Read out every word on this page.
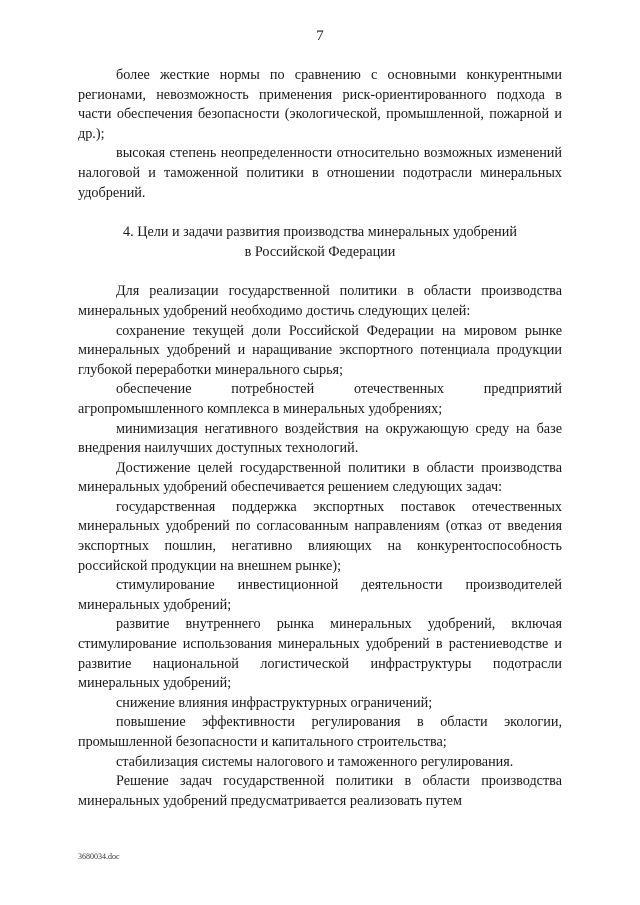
7

более жесткие нормы по сравнению с основными конкурентными регионами, невозможность применения риск-ориентированного подхода в части обеспечения безопасности (экологической, промышленной, пожарной и др.);

высокая степень неопределенности относительно возможных изменений налоговой и таможенной политики в отношении подотрасли минеральных удобрений.

4. Цели и задачи развития производства минеральных удобрений
в Российской Федерации

Для реализации государственной политики в области производства минеральных удобрений необходимо достичь следующих целей:

сохранение текущей доли Российской Федерации на мировом рынке минеральных удобрений и наращивание экспортного потенциала продукции глубокой переработки минерального сырья;

обеспечение потребностей отечественных предприятий агропромышленного комплекса в минеральных удобрениях;

минимизация негативного воздействия на окружающую среду на базе внедрения наилучших доступных технологий.

Достижение целей государственной политики в области производства минеральных удобрений обеспечивается решением следующих задач:

государственная поддержка экспортных поставок отечественных минеральных удобрений по согласованным направлениям (отказ от введения экспортных пошлин, негативно влияющих на конкурентоспособность российской продукции на внешнем рынке);

стимулирование инвестиционной деятельности производителей минеральных удобрений;

развитие внутреннего рынка минеральных удобрений, включая стимулирование использования минеральных удобрений в растениеводстве и развитие национальной логистической инфраструктуры подотрасли минеральных удобрений;

снижение влияния инфраструктурных ограничений;

повышение эффективности регулирования в области экологии, промышленной безопасности и капитального строительства;

стабилизация системы налогового и таможенного регулирования.

Решение задач государственной политики в области производства минеральных удобрений предусматривается реализовать путем

3680034.doc
